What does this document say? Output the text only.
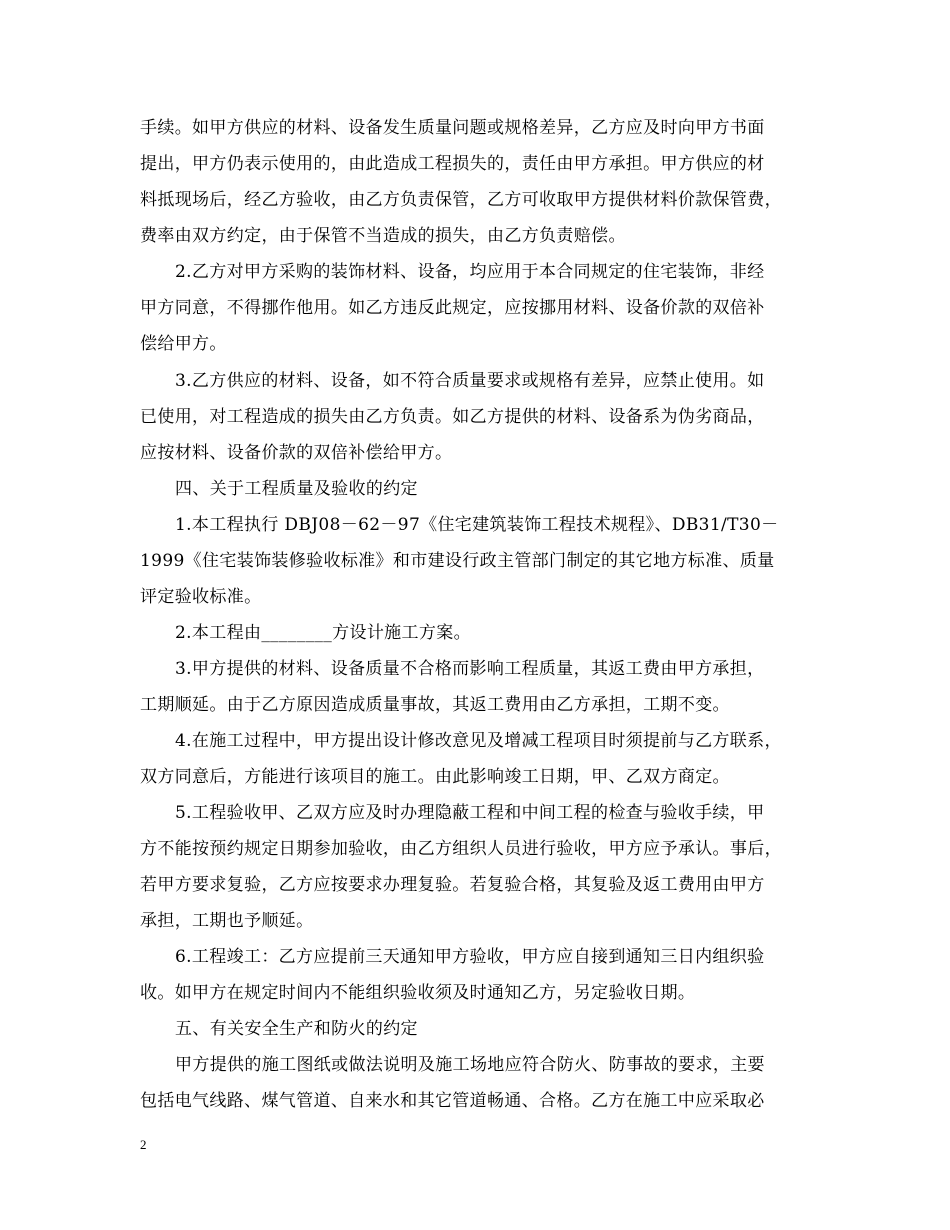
手续。如甲方供应的材料、设备发生质量问题或规格差异，乙方应及时向甲方书面
提出，甲方仍表示使用的，由此造成工程损失的，责任由甲方承担。甲方供应的材
料抵现场后，经乙方验收，由乙方负责保管，乙方可收取甲方提供材料价款保管费，
费率由双方约定，由于保管不当造成的损失，由乙方负责赔偿。
2.乙方对甲方采购的装饰材料、设备，均应用于本合同规定的住宅装饰，非经
甲方同意，不得挪作他用。如乙方违反此规定，应按挪用材料、设备价款的双倍补
偿给甲方。
3.乙方供应的材料、设备，如不符合质量要求或规格有差异，应禁止使用。如
已使用，对工程造成的损失由乙方负责。如乙方提供的材料、设备系为伪劣商品，
应按材料、设备价款的双倍补偿给甲方。
四、关于工程质量及验收的约定
1.本工程执行 DBJ08－62－97《住宅建筑装饰工程技术规程》、DB31/T30－
1999《住宅装饰装修验收标准》和市建设行政主管部门制定的其它地方标准、质量
评定验收标准。
2.本工程由________方设计施工方案。
3.甲方提供的材料、设备质量不合格而影响工程质量，其返工费由甲方承担，
工期顺延。由于乙方原因造成质量事故，其返工费用由乙方承担，工期不变。
4.在施工过程中，甲方提出设计修改意见及增减工程项目时须提前与乙方联系，
双方同意后，方能进行该项目的施工。由此影响竣工日期，甲、乙双方商定。
5.工程验收甲、乙双方应及时办理隐蔽工程和中间工程的检查与验收手续，甲
方不能按预约规定日期参加验收，由乙方组织人员进行验收，甲方应予承认。事后，
若甲方要求复验，乙方应按要求办理复验。若复验合格，其复验及返工费用由甲方
承担，工期也予顺延。
6.工程竣工：乙方应提前三天通知甲方验收，甲方应自接到通知三日内组织验
收。如甲方在规定时间内不能组织验收须及时通知乙方，另定验收日期。
五、有关安全生产和防火的约定
甲方提供的施工图纸或做法说明及施工场地应符合防火、防事故的要求，主要
包括电气线路、煤气管道、自来水和其它管道畅通、合格。乙方在施工中应采取必
2
